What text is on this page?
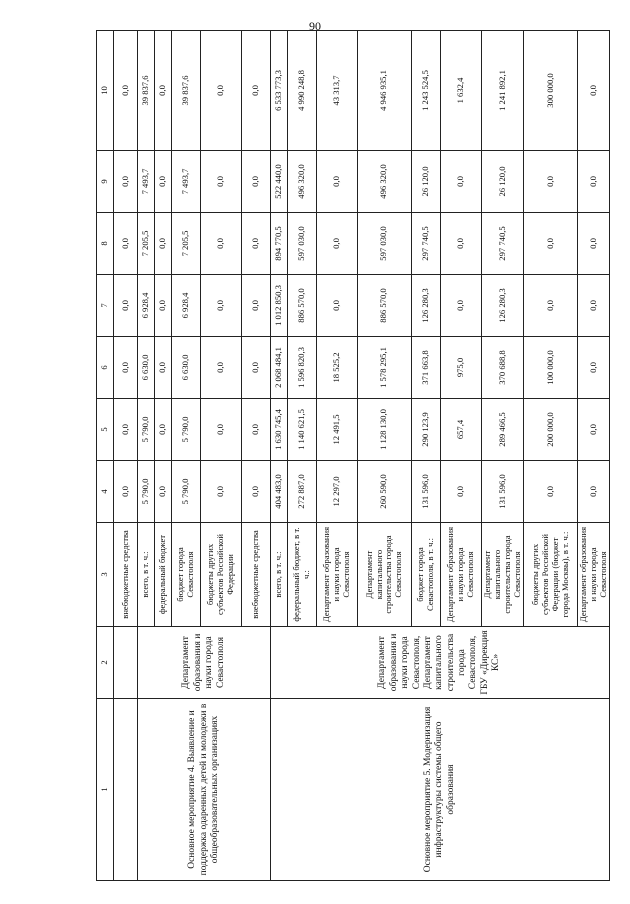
90
1	2	3	4	5	6	7	8	9	10
		внебюджетные средства	0,0	0,0	0,0	0,0	0,0	0,0	0,0
Основное мероприятие 4. Выявление и поддержка одаренных детей и молодежи в общеобразовательных организациях	Департамент образования и науки города Севастополя	всего, в т. ч.:	5 790,0	5 790,0	6 630,0	6 928,4	7 205,5	7 493,7	39 837,6
		федеральный бюджет	0,0	0,0	0,0	0,0	0,0	0,0	0,0
		бюджет города Севастополя	5 790,0	5 790,0	6 630,0	6 928,4	7 205,5	7 493,7	39 837,6
		бюджеты других субъектов Российской Федерации	0,0	0,0	0,0	0,0	0,0	0,0	0,0
		внебюджетные средства	0,0	0,0	0,0	0,0	0,0	0,0	0,0
Основное мероприятие 5. Модернизация инфраструктуры системы общего образования	Департамент образования и науки города Севастополя, Департамент капитального строительства города Севастополя, ГБУ «Дирекция КС»	всего, в т. ч.:	404 483,0	1 630 745,4	2 068 484,1	1 012 850,3	894 770,5	522 440,0	6 533 773,3
		федеральный бюджет, в т. ч.:	272 887,0	1 140 621,5	1 596 820,3	886 570,0	597 030,0	496 320,0	4 990 248,8
		Департамент образования и науки города Севастополя	12 297,0	12 491,5	18 525,2	0,0	0,0	0,0	43 313,7
		Департамент капитального строительства города Севастополя	260 590,0	1 128 130,0	1 578 295,1	886 570,0	597 030,0	496 320,0	4 946 935,1
		бюджет города Севастополя, в т. ч.:	131 596,0	290 123,9	371 663,8	126 280,3	297 740,5	26 120,0	1 243 524,5
		Департамент образования и науки города Севастополя	0,0	657,4	975,0	0,0	0,0	0,0	1 632,4
		Департамент капитального строительства города Севастополя	131 596,0	289 466,5	370 688,8	126 280,3	297 740,5	26 120,0	1 241 892,1
		бюджеты других субъектов Российской Федерации (бюджет города Москвы), в т. ч.:	0,0	200 000,0	100 000,0	0,0	0,0	0,0	300 000,0
		Департамент образования и науки города Севастополя	0,0	0,0	0,0	0,0	0,0	0,0	0,0
